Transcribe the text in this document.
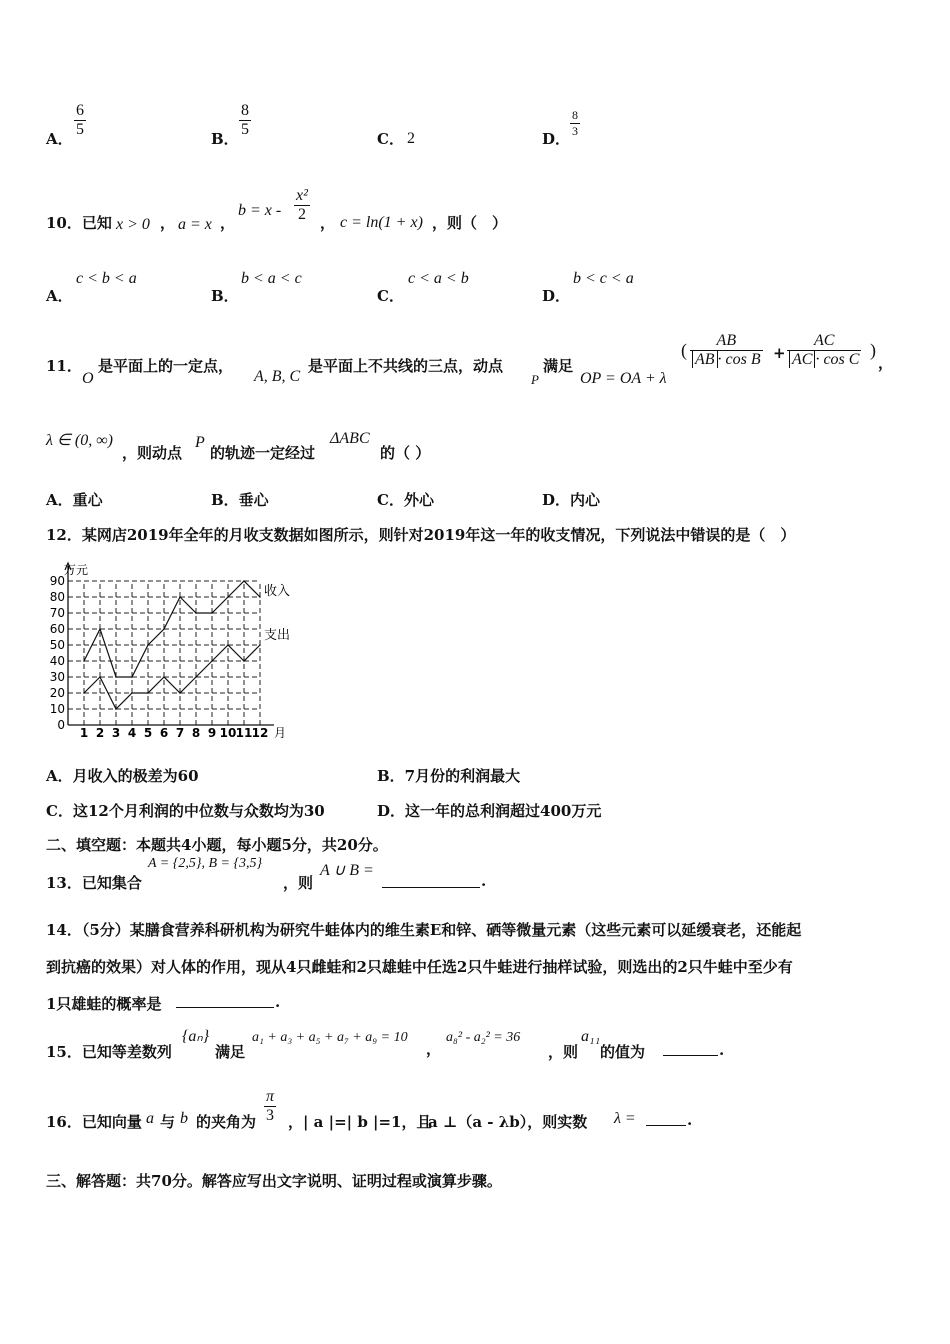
A． $\frac{6}{5}$	B． $\frac{8}{5}$	C． 2	D． $\frac{8}{3}$
10．已知 x > 0 ， a = x ，
$b = x - \frac{\text{x²}}{2}$ ， c = ln(1 + x) ，则（　）
A．
c < b < a
B．
b < a < c
C．
c < a < b
D．
b < c < a
11．
O
是平面上的一定点，
A, B, C
是平面上不共线的三点，动点
P
满足
OP = OA + λ
( $\frac{AB}{\text{AB · cos B}} + \frac{AC}{\text{AC · cos C}}$ )
，
λ ∈ (0, ∞)
，则动点
P
的轨迹一定经过
ΔABC
的（ ）
A．重心	B．垂心	C．外心	D．内心
12．某网店2019年全年的月收支数据如图所示，则针对2019年这一年的收支情况，下列说法中错误的是（　）
0
10
20
30
40
50
60
70
80
90
1 2 3 4 5 6 7 8 9 10 11 12
收入
支出
万元
月
A．月收入的极差为60	B．7月份的利润最大
C．这12个月利润的中位数与众数均为30	D．这一年的总利润超过400万元
二、填空题：本题共4小题，每小题5分，共20分。
13．已知集合
A = {2,5}, B = {3,5}
，则
A ∪ B =
.
14．（5分）某膳食营养科研机构为研究牛蛙体内的维生素E和锌、硒等微量元素（这些元素可以延缓衰老，还能起
到抗癌的效果）对人体的作用，现从4只雌蛙和2只雄蛙中任选2只牛蛙进行抽样试验，则选出的2只牛蛙中至少有
1只雄蛙的概率是	.
15．已知等差数列
{aₙ}
满足
a₁ + a₃ + a₅ + a₇ + a₉ = 10
，
a₈² - a₂² = 36
，则
a₁₁
的值为	.
16．已知向量 a 与 b 的夹角为 $\frac{\pi}{3}$ ，| a |=| b |=1，且
a ⊥（a - λb），则实数 λ =	.
三、解答题：共70分。解答应写出文字说明、证明过程或演算步骤。
